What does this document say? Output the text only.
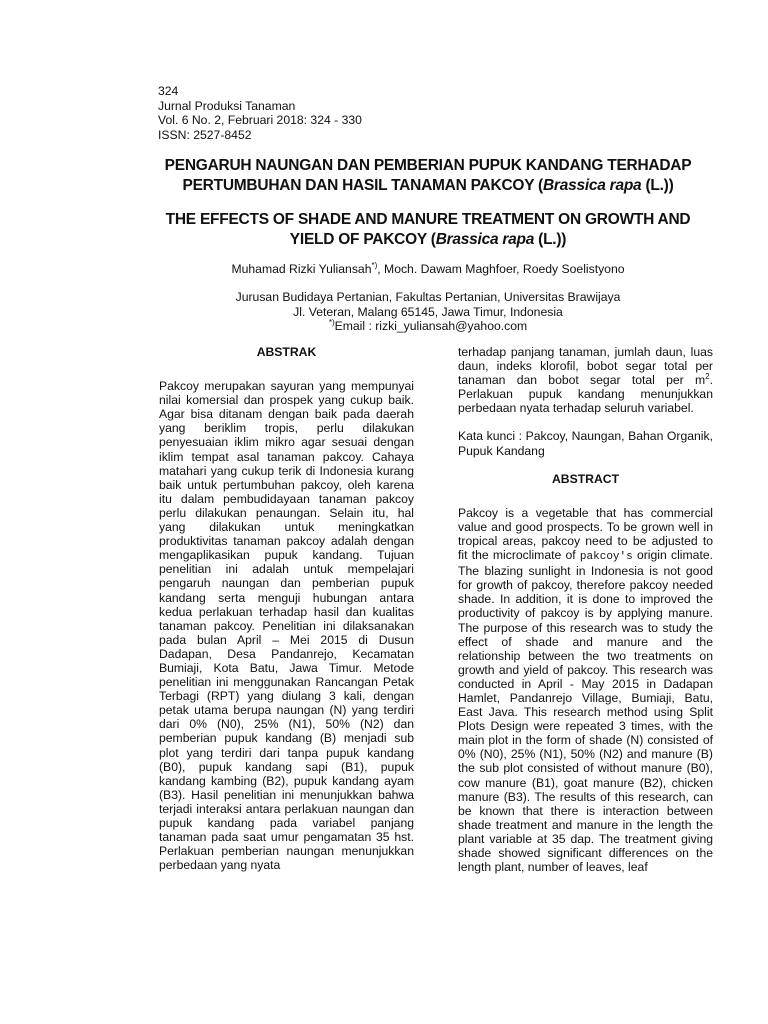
324
Jurnal Produksi Tanaman
Vol. 6 No. 2, Februari 2018: 324 - 330
ISSN: 2527-8452
PENGARUH NAUNGAN DAN PEMBERIAN PUPUK KANDANG TERHADAP
PERTUMBUHAN DAN HASIL TANAMAN PAKCOY (Brassica rapa (L.))
THE EFFECTS OF SHADE AND MANURE TREATMENT ON GROWTH AND
YIELD OF PAKCOY (Brassica rapa (L.))
Muhamad Rizki Yuliansah*), Moch. Dawam Maghfoer, Roedy Soelistyono
Jurusan Budidaya Pertanian, Fakultas Pertanian, Universitas Brawijaya
Jl. Veteran, Malang 65145, Jawa Timur, Indonesia
*)Email : rizki_yuliansah@yahoo.com

ABSTRAK

Pakcoy merupakan sayuran yang mempunyai nilai komersial dan prospek yang cukup baik. Agar bisa ditanam dengan baik pada daerah yang beriklim tropis, perlu dilakukan penyesuaian iklim mikro agar sesuai dengan iklim tempat asal tanaman pakcoy. Cahaya matahari yang cukup terik di Indonesia kurang baik untuk pertumbuhan pakcoy, oleh karena itu dalam pembudidayaan tanaman pakcoy perlu dilakukan penaungan. Selain itu, hal yang dilakukan untuk meningkatkan produktivitas tanaman pakcoy adalah dengan mengaplikasikan pupuk kandang. Tujuan penelitian ini adalah untuk mempelajari pengaruh naungan dan pemberian pupuk kandang serta menguji hubungan antara kedua perlakuan terhadap hasil dan kualitas tanaman pakcoy. Penelitian ini dilaksanakan pada bulan April – Mei 2015 di Dusun Dadapan, Desa Pandanrejo, Kecamatan Bumiaji, Kota Batu, Jawa Timur. Metode penelitian ini menggunakan Rancangan Petak Terbagi (RPT) yang diulang 3 kali, dengan petak utama berupa naungan (N) yang terdiri dari 0% (N0), 25% (N1), 50% (N2) dan pemberian pupuk kandang (B) menjadi sub plot yang terdiri dari tanpa pupuk kandang (B0), pupuk kandang sapi (B1), pupuk kandang kambing (B2), pupuk kandang ayam (B3). Hasil penelitian ini menunjukkan bahwa terjadi interaksi antara perlakuan naungan dan pupuk kandang pada variabel panjang tanaman pada saat umur pengamatan 35 hst. Perlakuan pemberian naungan menunjukkan perbedaan yang nyata

terhadap panjang tanaman, jumlah daun, luas daun, indeks klorofil, bobot segar total per tanaman dan bobot segar total per $m^2$. Perlakuan pupuk kandang menunjukkan perbedaan nyata terhadap seluruh variabel.

Kata kunci : Pakcoy, Naungan, Bahan Organik, Pupuk Kandang

ABSTRACT

Pakcoy is a vegetable that has commercial value and good prospects. To be grown well in tropical areas, pakcoy need to be adjusted to fit the microclimate of pakcoy's origin climate. The blazing sunlight in Indonesia is not good for growth of pakcoy, therefore pakcoy needed shade. In addition, it is done to improved the productivity of pakcoy is by applying manure. The purpose of this research was to study the effect of shade and manure and the relationship between the two treatments on growth and yield of pakcoy. This research was conducted in April - May 2015 in Dadapan Hamlet, Pandanrejo Village, Bumiaji, Batu, East Java. This research method using Split Plots Design were repeated 3 times, with the main plot in the form of shade (N) consisted of 0% (N0), 25% (N1), 50% (N2) and manure (B) the sub plot consisted of without manure (B0), cow manure (B1), goat manure (B2), chicken manure (B3). The results of this research, can be known that there is interaction between shade treatment and manure in the length the plant variable at 35 dap. The treatment giving shade showed significant differences on the length plant, number of leaves, leaf
